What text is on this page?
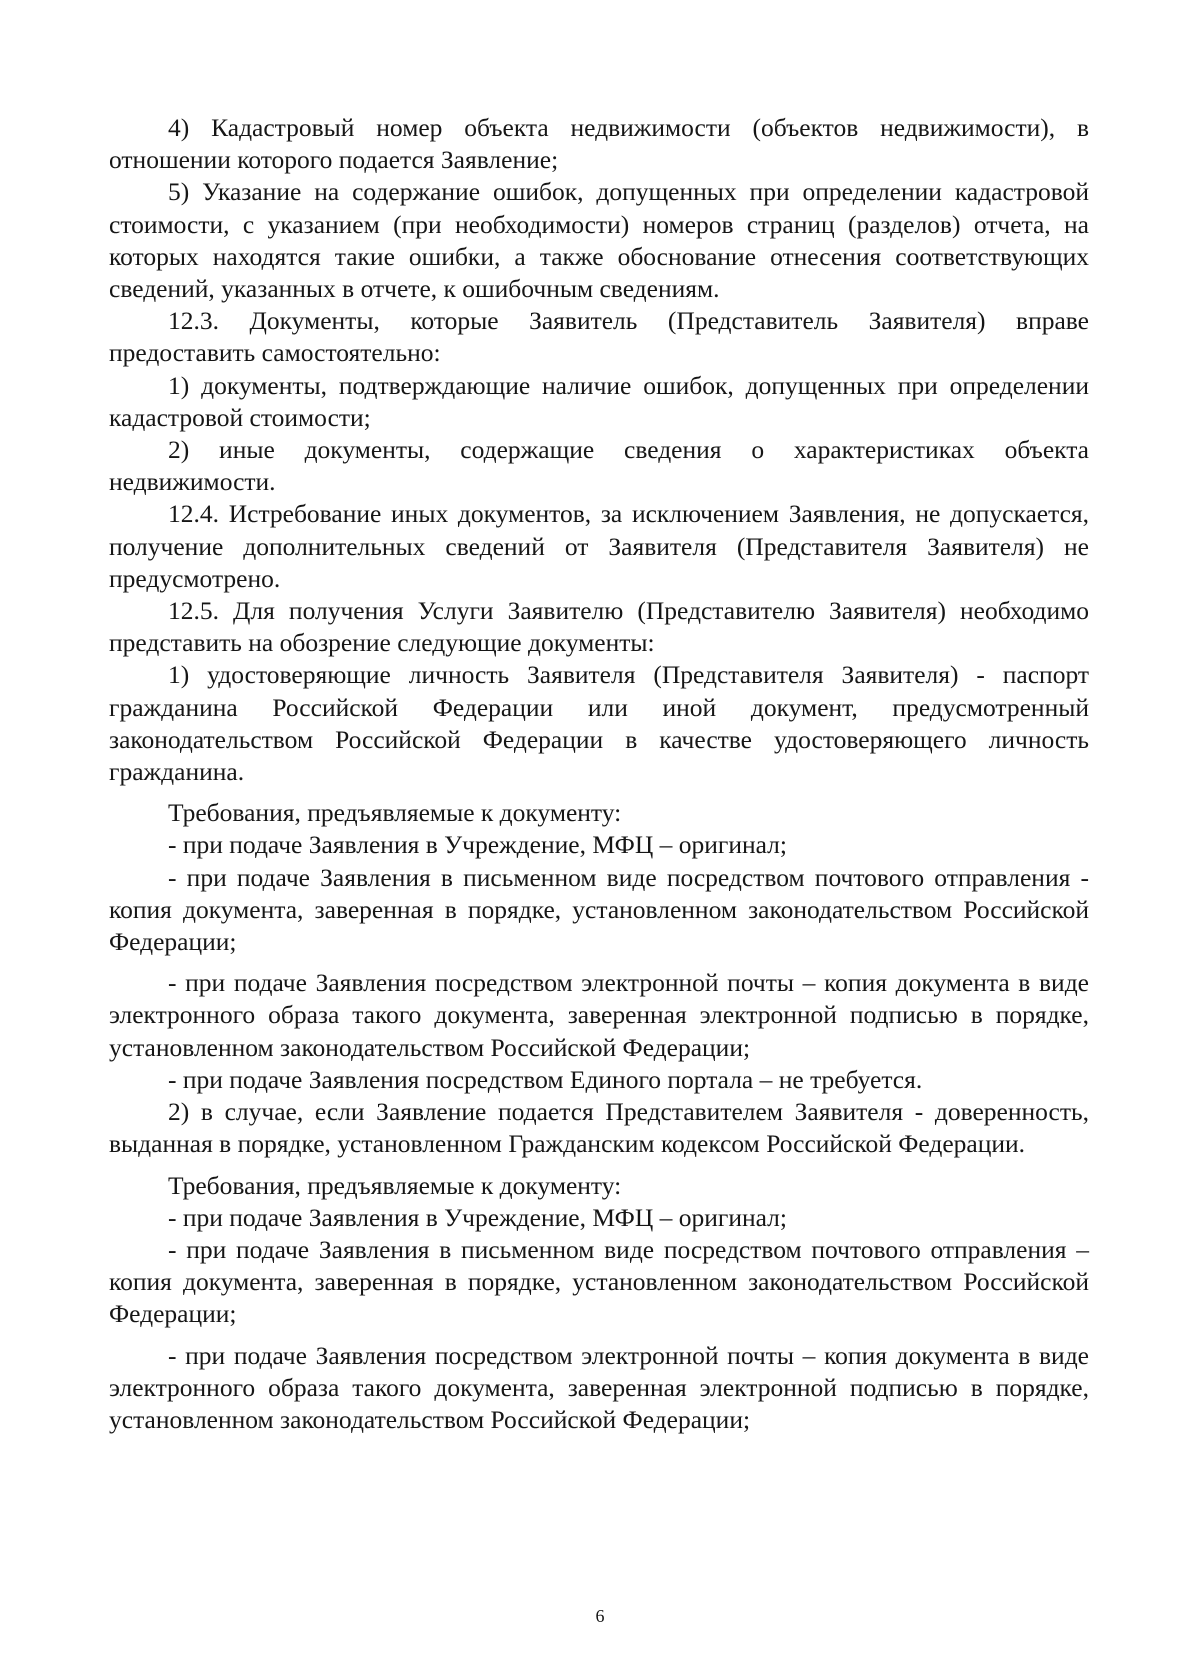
4) Кадастровый номер объекта недвижимости (объектов недвижимости), в отношении которого подается Заявление;

5) Указание на содержание ошибок, допущенных при определении кадастровой стоимости, с указанием (при необходимости) номеров страниц (разделов) отчета, на которых находятся такие ошибки, а также обоснование отнесения соответствующих сведений, указанных в отчете, к ошибочным сведениям.

12.3. Документы, которые Заявитель (Представитель Заявителя) вправе предоставить самостоятельно:

1) документы, подтверждающие наличие ошибок, допущенных при определении кадастровой стоимости;

2) иные документы, содержащие сведения о характеристиках объекта недвижимости.

12.4. Истребование иных документов, за исключением Заявления, не допускается, получение дополнительных сведений от Заявителя (Представителя Заявителя) не предусмотрено.

12.5. Для получения Услуги Заявителю (Представителю Заявителя) необходимо представить на обозрение следующие документы:

1) удостоверяющие личность Заявителя (Представителя Заявителя) - паспорт гражданина Российской Федерации или иной документ, предусмотренный законодательством Российской Федерации в качестве удостоверяющего личность гражданина.

Требования, предъявляемые к документу:

- при подаче Заявления в Учреждение, МФЦ – оригинал;

- при подаче Заявления в письменном виде посредством почтового отправления - копия документа, заверенная в порядке, установленном законодательством Российской Федерации;

- при подаче Заявления посредством электронной почты – копия документа в виде электронного образа такого документа, заверенная электронной подписью в порядке, установленном законодательством Российской Федерации;

- при подаче Заявления посредством Единого портала – не требуется.

2) в случае, если Заявление подается Представителем Заявителя - доверенность, выданная в порядке, установленном Гражданским кодексом Российской Федерации.

Требования, предъявляемые к документу:

- при подаче Заявления в Учреждение, МФЦ – оригинал;

- при подаче Заявления в письменном виде посредством почтового отправления – копия документа, заверенная в порядке, установленном законодательством Российской Федерации;

- при подаче Заявления посредством электронной почты – копия документа в виде электронного образа такого документа, заверенная электронной подписью в порядке, установленном законодательством Российской Федерации;

6
